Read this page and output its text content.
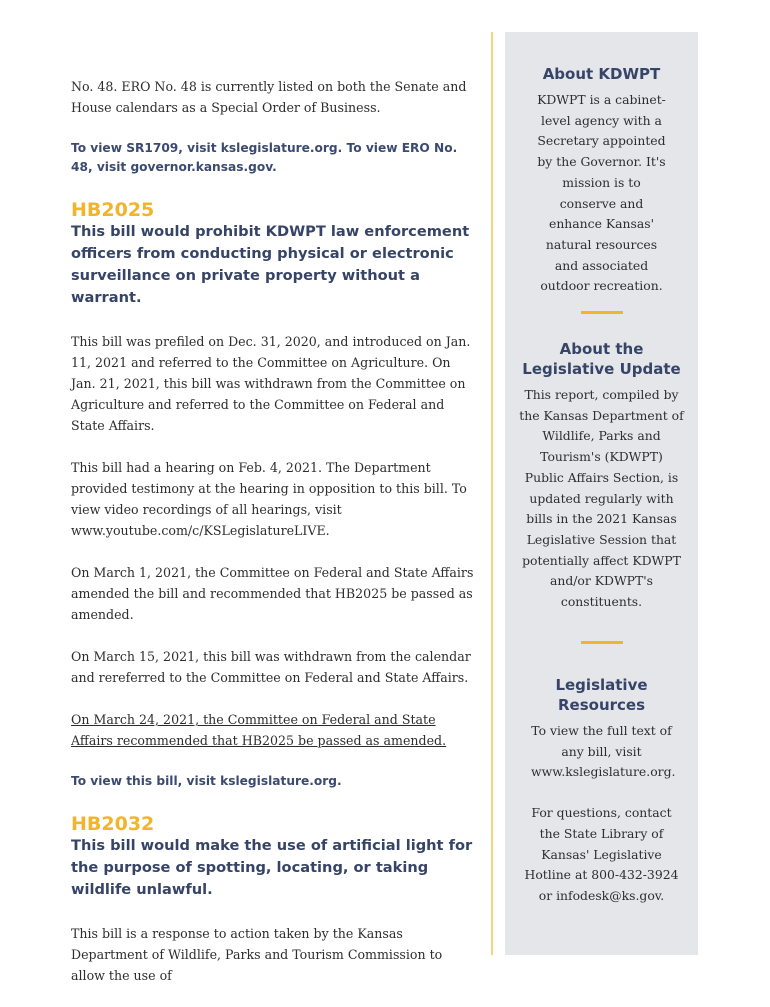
No. 48. ERO No. 48 is currently listed on both the Senate and House calendars as a Special Order of Business.

To view SR1709, visit kslegislature.org. To view ERO No. 48, visit governor.kansas.gov.

HB2025

This bill would prohibit KDWPT law enforcement officers from conducting physical or electronic surveillance on private property without a warrant.

This bill was prefiled on Dec. 31, 2020, and introduced on Jan. 11, 2021 and referred to the Committee on Agriculture. On Jan. 21, 2021, this bill was withdrawn from the Committee on Agriculture and referred to the Committee on Federal and State Affairs.

This bill had a hearing on Feb. 4, 2021. The Department provided testimony at the hearing in opposition to this bill. To view video recordings of all hearings, visit www.youtube.com/c/KSLegislatureLIVE.

On March 1, 2021, the Committee on Federal and State Affairs amended the bill and recommended that HB2025 be passed as amended.

On March 15, 2021, this bill was withdrawn from the calendar and rereferred to the Committee on Federal and State Affairs.

On March 24, 2021, the Committee on Federal and State Affairs recommended that HB2025 be passed as amended.

To view this bill, visit kslegislature.org.

HB2032

This bill would make the use of artificial light for the purpose of spotting, locating, or taking wildlife unlawful.

This bill is a response to action taken by the Kansas Department of Wildlife, Parks and Tourism Commission to allow the use of

About KDWPT

KDWPT is a cabinet-level agency with a Secretary appointed by the Governor. It's mission is to conserve and enhance Kansas' natural resources and associated outdoor recreation.

About the Legislative Update

This report, compiled by the Kansas Department of Wildlife, Parks and Tourism's (KDWPT) Public Affairs Section, is updated regularly with bills in the 2021 Kansas Legislative Session that potentially affect KDWPT and/or KDWPT's constituents.

Legislative Resources

To view the full text of any bill, visit www.kslegislature.org.

For questions, contact the State Library of Kansas' Legislative Hotline at 800-432-3924 or infodesk@ks.gov.
